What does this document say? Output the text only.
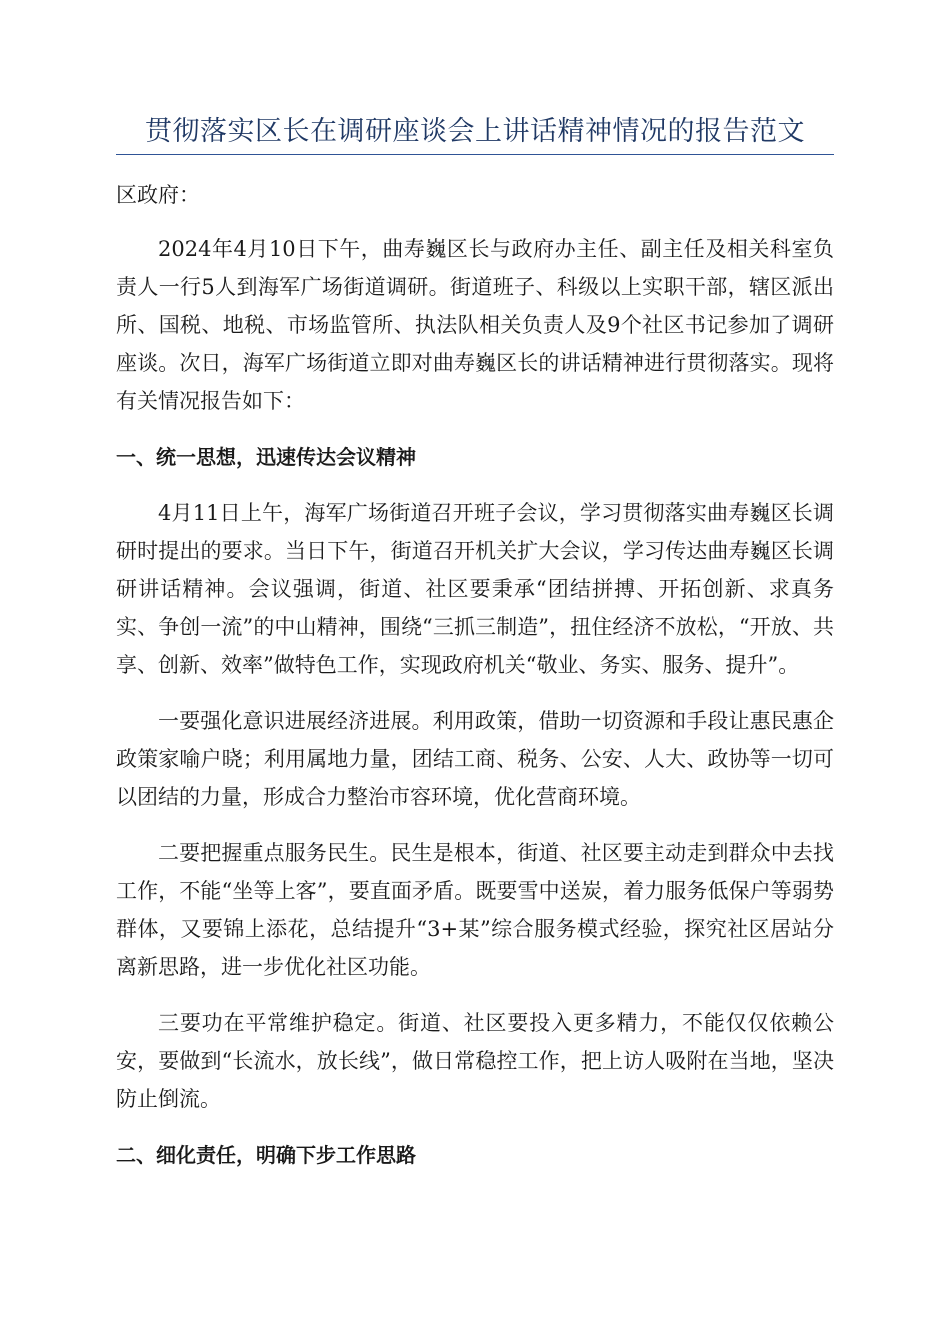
贯彻落实区长在调研座谈会上讲话精神情况的报告范文

区政府：

2024年4月10日下午，曲寿巍区长与政府办主任、副主任及相关科室负责人一行5人到海军广场街道调研。街道班子、科级以上实职干部，辖区派出所、国税、地税、市场监管所、执法队相关负责人及9个社区书记参加了调研座谈。次日，海军广场街道立即对曲寿巍区长的讲话精神进行贯彻落实。现将有关情况报告如下：

一、统一思想，迅速传达会议精神

4月11日上午，海军广场街道召开班子会议，学习贯彻落实曲寿巍区长调研时提出的要求。当日下午，街道召开机关扩大会议，学习传达曲寿巍区长调研讲话精神。会议强调，街道、社区要秉承“团结拼搏、开拓创新、求真务实、争创一流”的中山精神，围绕“三抓三制造”，扭住经济不放松，“开放、共享、创新、效率”做特色工作，实现政府机关“敬业、务实、服务、提升”。

一要强化意识进展经济进展。利用政策，借助一切资源和手段让惠民惠企政策家喻户晓；利用属地力量，团结工商、税务、公安、人大、政协等一切可以团结的力量，形成合力整治市容环境，优化营商环境。

二要把握重点服务民生。民生是根本，街道、社区要主动走到群众中去找工作，不能“坐等上客”，要直面矛盾。既要雪中送炭，着力服务低保户等弱势群体，又要锦上添花，总结提升“3+某”综合服务模式经验，探究社区居站分离新思路，进一步优化社区功能。

三要功在平常维护稳定。街道、社区要投入更多精力，不能仅仅依赖公安，要做到“长流水，放长线”，做日常稳控工作，把上访人吸附在当地，坚决防止倒流。

二、细化责任，明确下步工作思路
